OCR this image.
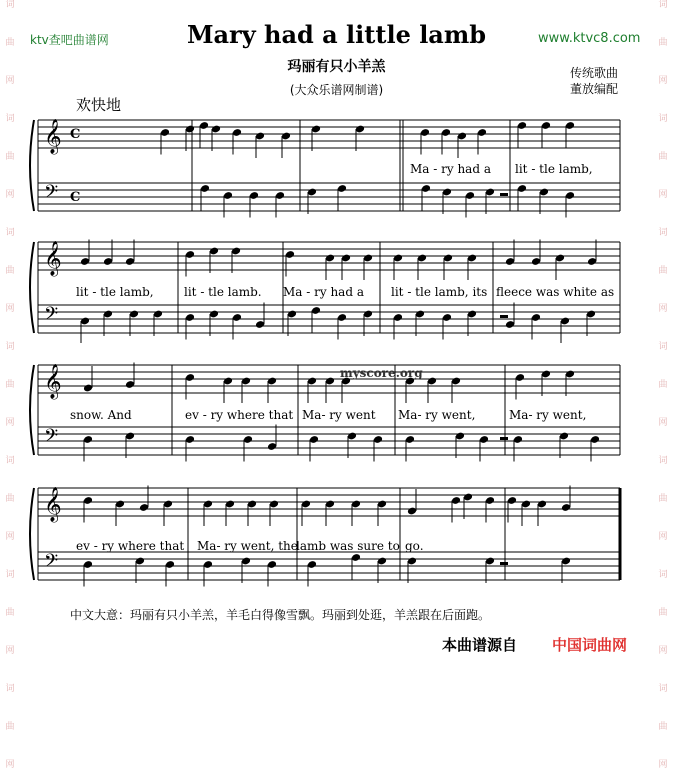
词
曲
网
词
曲
网
词
曲
网
词
曲
网
词
曲
网
词
曲
网
词
曲
网
词
曲
网
词
曲
网
词
曲
网
词
曲
网
词
曲
网
词
曲
网
词
曲
网
ktv查吧曲谱网	Mary had a little lamb	www.ktvc8.com
玛丽有只小羊羔
(大众乐谱网制谱)
传统歌曲
董放编配
欢快地
𝄞
𝄢
C
C
𝄞
𝄢
𝄞
𝄢
𝄞
𝄢
Ma - ry had a lit - tle lamb,
lit - tle lamb,	lit - tle lamb. Ma - ry had a lit - tle lamb, its fleece was white as
snow. And	ev - ry where that Ma- ry went Ma- ry went,	Ma- ry went,
ev - ry where that Ma- ry went, the
lamb was sure to go.
myscore.org
中文大意：玛丽有只小羊羔，羊毛白得像雪飘。玛丽到处逛，羊羔跟在后面跑。
本曲谱源自 中国词曲网
